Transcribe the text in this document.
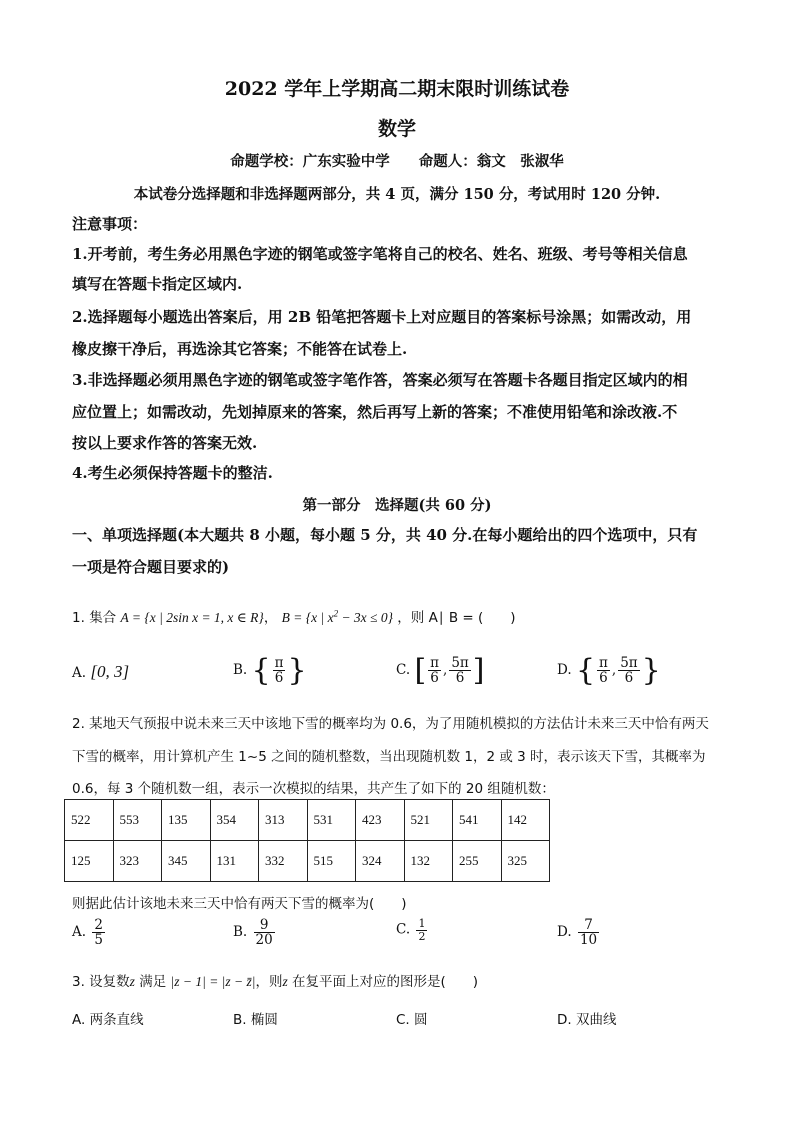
2022 学年上学期高二期末限时训练试卷
数学
命题学校：广东实验中学　　命题人：翁文　张淑华
本试卷分选择题和非选择题两部分，共 4 页，满分 150 分，考试用时 120 分钟.
注意事项：
1.开考前，考生务必用黑色字迹的钢笔或签字笔将自己的校名、姓名、班级、考号等相关信息
填写在答题卡指定区域内.
2.选择题每小题选出答案后，用 2B 铅笔把答题卡上对应题目的答案标号涂黑；如需改动，用
橡皮擦干净后，再选涂其它答案；不能答在试卷上.
3.非选择题必须用黑色字迹的钢笔或签字笔作答，答案必须写在答题卡各题目指定区域内的相
应位置上；如需改动，先划掉原来的答案，然后再写上新的答案；不准使用铅笔和涂改液.不
按以上要求作答的答案无效.
4.考生必须保持答题卡的整洁.
第一部分　选择题(共 60 分)
一、单项选择题(本大题共 8 小题，每小题 5 分，共 40 分.在每小题给出的四个选项中，只有
一项是符合题目要求的)
1. 集合 A = {x | 2sin x = 1, x ∈ R}， B = {x | $x^2 - 3x \le 0$} ，则 A∣ B = (　　)
A. [0, 3]	B. { $\frac{\pi}{6}$ }	C. [ $\frac{\pi}{6}$ , $\frac{5\pi}{6}$ ]	D. { $\frac{\pi}{6}$ , $\frac{5\pi}{6}$ }
2. 某地天气预报中说未来三天中该地下雪的概率均为 0.6，为了用随机模拟的方法估计未来三天中恰有两天
下雪的概率，用计算机产生 1~5 之间的随机整数，当出现随机数 1，2 或 3 时，表示该天下雪，其概率为
0.6，每 3 个随机数一组，表示一次模拟的结果，共产生了如下的 20 组随机数：
522	553	135	354	313	531	423	521	541	142
125	323	345	131	332	515	324	132	255	325
则据此估计该地未来三天中恰有两天下雪的概率为(　　)
A. $\frac{2}{5}$	B. $\frac{9}{20}$	C. $\frac{1}{2}$	D. $\frac{7}{10}$
3. 设复数z 满足 |z − 1| = |z − z̄|，则z 在复平面上对应的图形是(　　)
A. 两条直线	B. 椭圆	C. 圆	D. 双曲线
